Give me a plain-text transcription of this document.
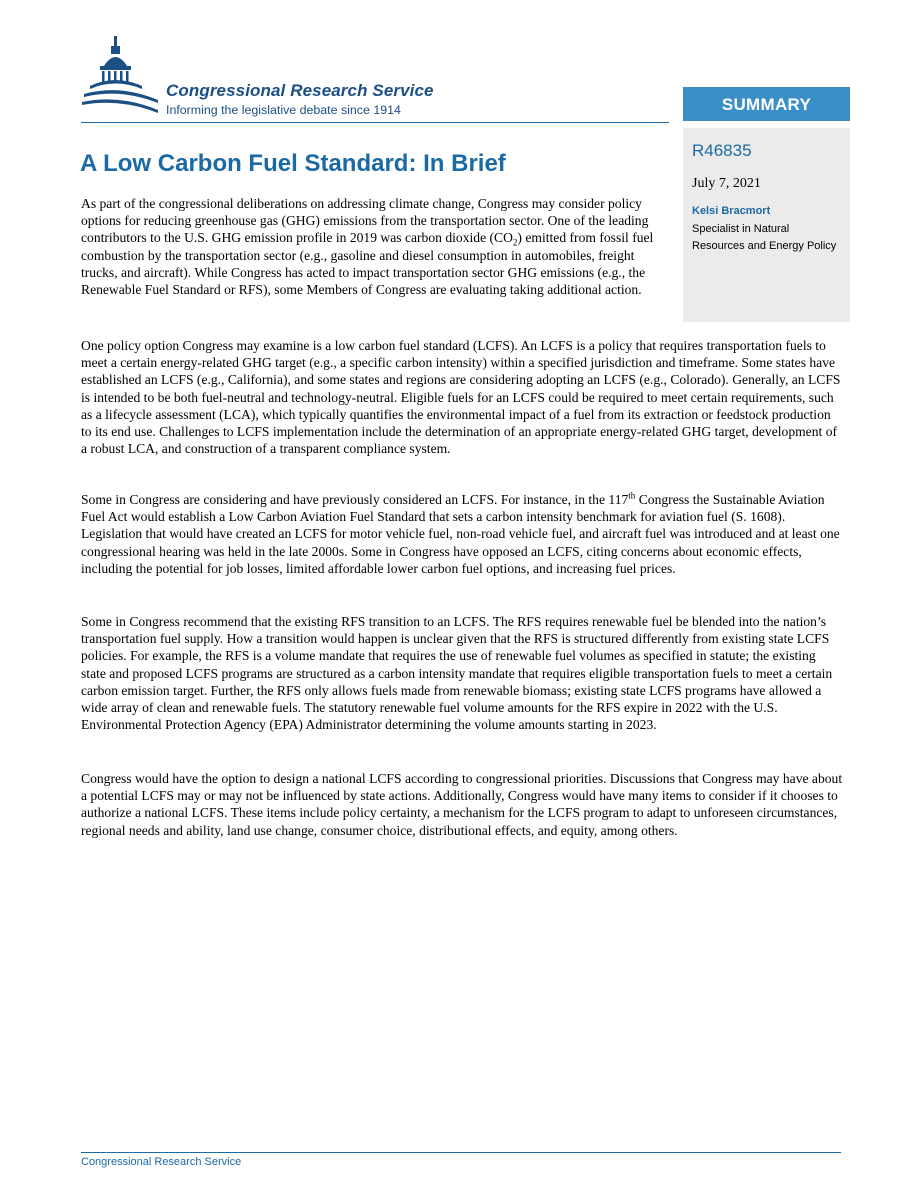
Congressional Research Service
Informing the legislative debate since 1914	SUMMARY
R46835
July 7, 2021
Kelsi Bracmort
Specialist in Natural Resources and Energy Policy
A Low Carbon Fuel Standard: In Brief

As part of the congressional deliberations on addressing climate change, Congress may consider policy options for reducing greenhouse gas (GHG) emissions from the transportation sector. One of the leading contributors to the U.S. GHG emission profile in 2019 was carbon dioxide $(CO_2)$ emitted from fossil fuel combustion by the transportation sector (e.g., gasoline and diesel consumption in automobiles, freight trucks, and aircraft). While Congress has acted to impact transportation sector GHG emissions (e.g., the Renewable Fuel Standard or RFS), some Members of Congress are evaluating taking additional action.

One policy option Congress may examine is a low carbon fuel standard (LCFS). An LCFS is a policy that requires transportation fuels to meet a certain energy-related GHG target (e.g., a specific carbon intensity) within a specified jurisdiction and timeframe. Some states have established an LCFS (e.g., California), and some states and regions are considering adopting an LCFS (e.g., Colorado). Generally, an LCFS is intended to be both fuel-neutral and technology-neutral. Eligible fuels for an LCFS could be required to meet certain requirements, such as a lifecycle assessment (LCA), which typically quantifies the environmental impact of a fuel from its extraction or feedstock production to its end use. Challenges to LCFS implementation include the determination of an appropriate energy-related GHG target, development of a robust LCA, and construction of a transparent compliance system.

Some in Congress are considering and have previously considered an LCFS. For instance, in the 117th Congress the Sustainable Aviation Fuel Act would establish a Low Carbon Aviation Fuel Standard that sets a carbon intensity benchmark for aviation fuel (S. 1608). Legislation that would have created an LCFS for motor vehicle fuel, non-road vehicle fuel, and aircraft fuel was introduced and at least one congressional hearing was held in the late 2000s. Some in Congress have opposed an LCFS, citing concerns about economic effects, including the potential for job losses, limited affordable lower carbon fuel options, and increasing fuel prices.

Some in Congress recommend that the existing RFS transition to an LCFS. The RFS requires renewable fuel be blended into the nation’s transportation fuel supply. How a transition would happen is unclear given that the RFS is structured differently from existing state LCFS policies. For example, the RFS is a volume mandate that requires the use of renewable fuel volumes as specified in statute; the existing state and proposed LCFS programs are structured as a carbon intensity mandate that requires eligible transportation fuels to meet a certain carbon emission target. Further, the RFS only allows fuels made from renewable biomass; existing state LCFS programs have allowed a wide array of clean and renewable fuels. The statutory renewable fuel volume amounts for the RFS expire in 2022 with the U.S. Environmental Protection Agency (EPA) Administrator determining the volume amounts starting in 2023.

Congress would have the option to design a national LCFS according to congressional priorities. Discussions that Congress may have about a potential LCFS may or may not be influenced by state actions. Additionally, Congress would have many items to consider if it chooses to authorize a national LCFS. These items include policy certainty, a mechanism for the LCFS program to adapt to unforeseen circumstances, regional needs and ability, land use change, consumer choice, distributional effects, and equity, among others.

Congressional Research Service
